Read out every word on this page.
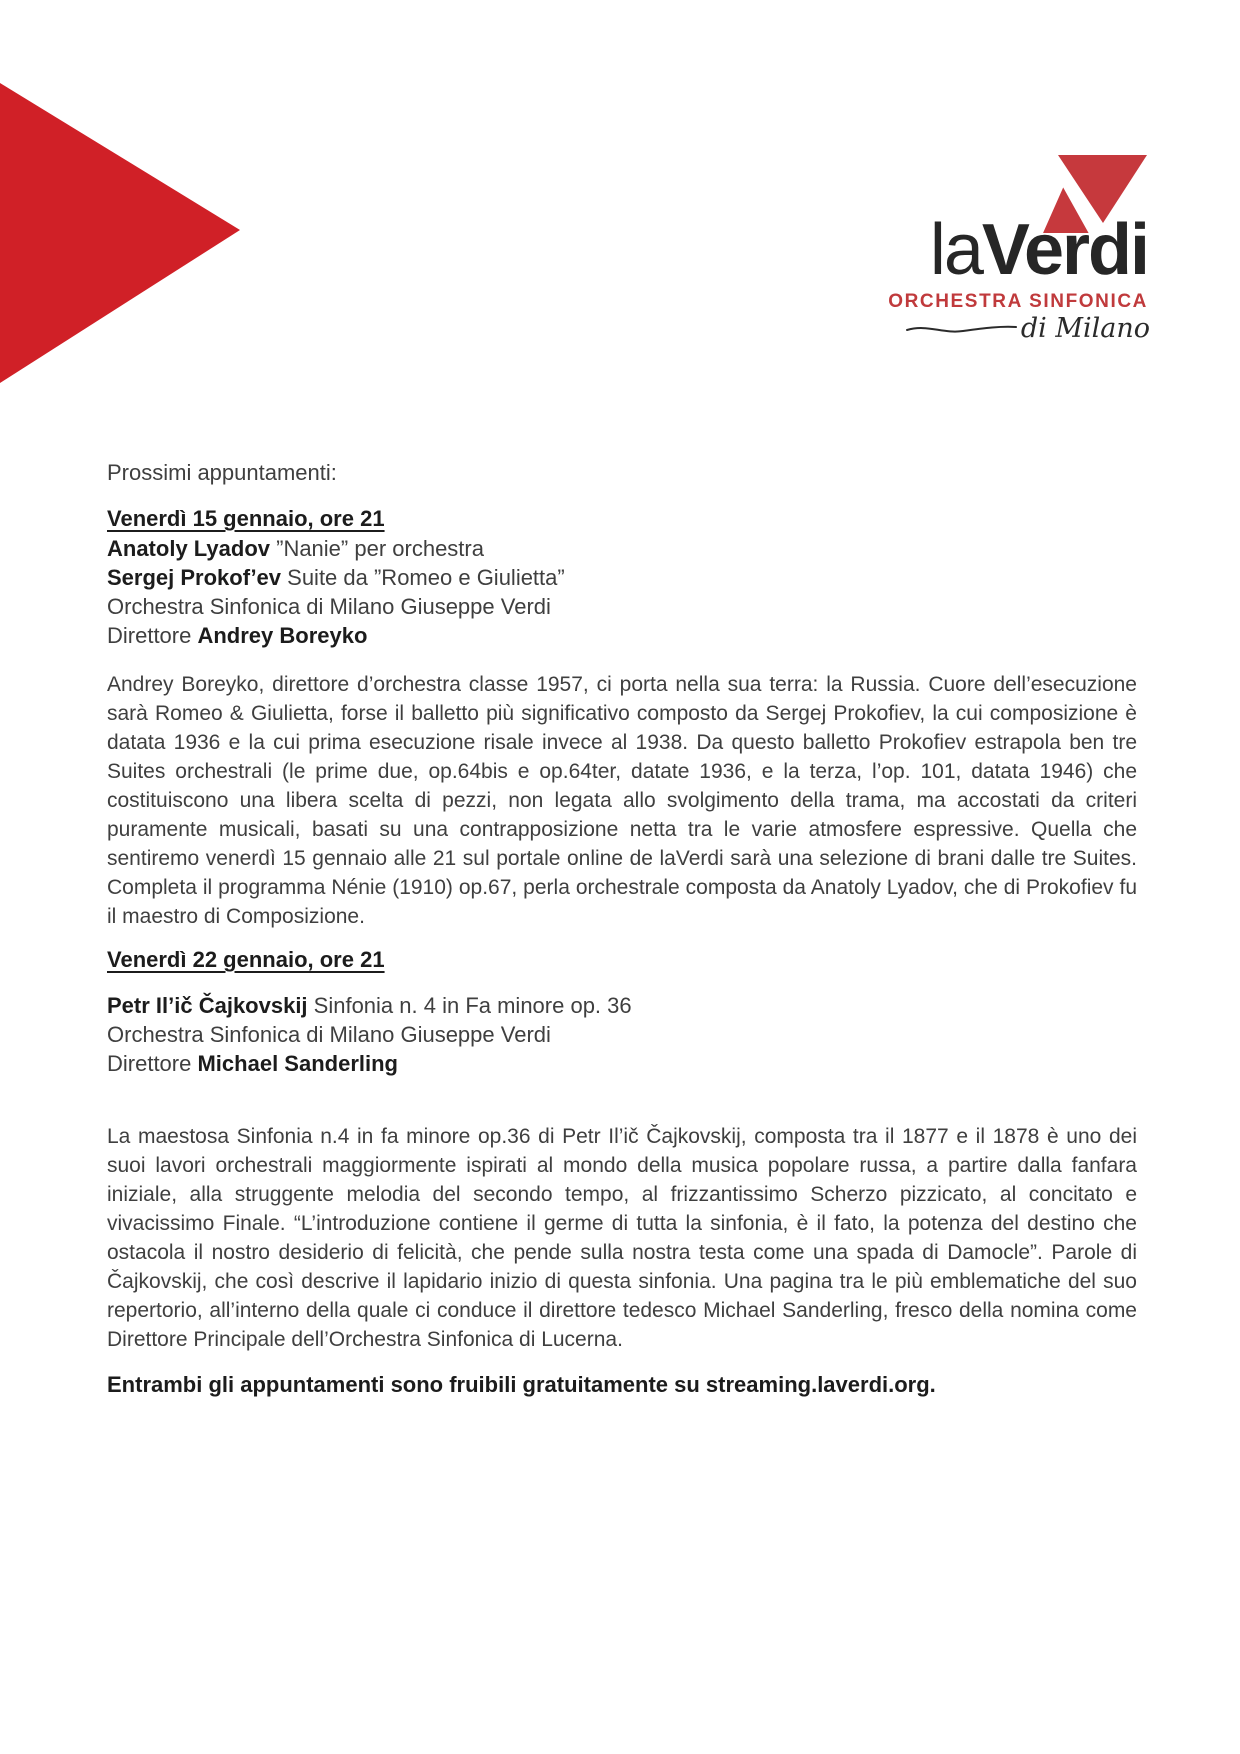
laVerdi
ORCHESTRA SINFONICA
di Milano

Prossimi appuntamenti:

Venerdì 15 gennaio, ore 21

Anatoly Lyadov ”Nanie” per orchestra

Sergej Prokof’ev Suite da ”Romeo e Giulietta”

Orchestra Sinfonica di Milano Giuseppe Verdi

Direttore Andrey Boreyko

Andrey Boreyko, direttore d’orchestra classe 1957, ci porta nella sua terra: la Russia. Cuore dell’esecuzione sarà Romeo & Giulietta, forse il balletto più significativo composto da Sergej Prokofiev, la cui composizione è datata 1936 e la cui prima esecuzione risale invece al 1938. Da questo balletto Prokofiev estrapola ben tre Suites orchestrali (le prime due, op.64bis e op.64ter, datate 1936, e la terza, l’op. 101, datata 1946) che costituiscono una libera scelta di pezzi, non legata allo svolgimento della trama, ma accostati da criteri puramente musicali, basati su una contrapposizione netta tra le varie atmosfere espressive. Quella che sentiremo venerdì 15 gennaio alle 21 sul portale online de laVerdi sarà una selezione di brani dalle tre Suites. Completa il programma Nénie (1910) op.67, perla orchestrale composta da Anatoly Lyadov, che di Prokofiev fu il maestro di Composizione.

Venerdì 22 gennaio, ore 21

Petr Il’ič Čajkovskij Sinfonia n. 4 in Fa minore op. 36

Orchestra Sinfonica di Milano Giuseppe Verdi

Direttore Michael Sanderling

La maestosa Sinfonia n.4 in fa minore op.36 di Petr Il’ič Čajkovskij, composta tra il 1877 e il 1878 è uno dei suoi lavori orchestrali maggiormente ispirati al mondo della musica popolare russa, a partire dalla fanfara iniziale, alla struggente melodia del secondo tempo, al frizzantissimo Scherzo pizzicato, al concitato e vivacissimo Finale. “L’introduzione contiene il germe di tutta la sinfonia, è il fato, la potenza del destino che ostacola il nostro desiderio di felicità, che pende sulla nostra testa come una spada di Damocle”. Parole di Čajkovskij, che così descrive il lapidario inizio di questa sinfonia. Una pagina tra le più emblematiche del suo repertorio, all’interno della quale ci conduce il direttore tedesco Michael Sanderling, fresco della nomina come Direttore Principale dell’Orchestra Sinfonica di Lucerna.

Entrambi gli appuntamenti sono fruibili gratuitamente su streaming.laverdi.org.
